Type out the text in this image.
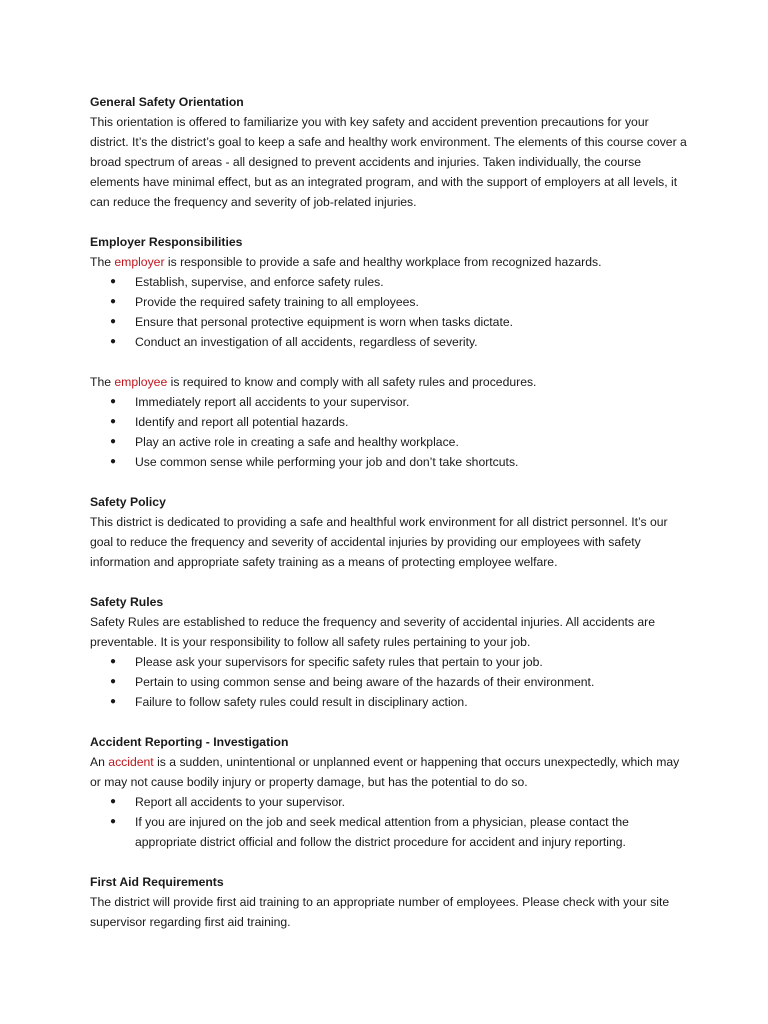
General Safety Orientation

This orientation is offered to familiarize you with key safety and accident prevention precautions for your district. It’s the district’s goal to keep a safe and healthy work environment. The elements of this course cover a broad spectrum of areas - all designed to prevent accidents and injuries. Taken individually, the course elements have minimal effect, but as an integrated program, and with the support of employers at all levels, it can reduce the frequency and severity of job-related injuries.

Employer Responsibilities

The employer is responsible to provide a safe and healthy workplace from recognized hazards.

● Establish, supervise, and enforce safety rules.
● Provide the required safety training to all employees.
● Ensure that personal protective equipment is worn when tasks dictate.
● Conduct an investigation of all accidents, regardless of severity.

The employee is required to know and comply with all safety rules and procedures.

● Immediately report all accidents to your supervisor.
● Identify and report all potential hazards.
● Play an active role in creating a safe and healthy workplace.
● Use common sense while performing your job and don’t take shortcuts.

Safety Policy

This district is dedicated to providing a safe and healthful work environment for all district personnel. It’s our goal to reduce the frequency and severity of accidental injuries by providing our employees with safety information and appropriate safety training as a means of protecting employee welfare.

Safety Rules

Safety Rules are established to reduce the frequency and severity of accidental injuries. All accidents are preventable. It is your responsibility to follow all safety rules pertaining to your job.

● Please ask your supervisors for specific safety rules that pertain to your job.
● Pertain to using common sense and being aware of the hazards of their environment.
● Failure to follow safety rules could result in disciplinary action.

Accident Reporting - Investigation

An accident is a sudden, unintentional or unplanned event or happening that occurs unexpectedly, which may or may not cause bodily injury or property damage, but has the potential to do so.

● Report all accidents to your supervisor.
● If you are injured on the job and seek medical attention from a physician, please contact the appropriate district official and follow the district procedure for accident and injury reporting.

First Aid Requirements

The district will provide first aid training to an appropriate number of employees. Please check with your site supervisor regarding first aid training.
